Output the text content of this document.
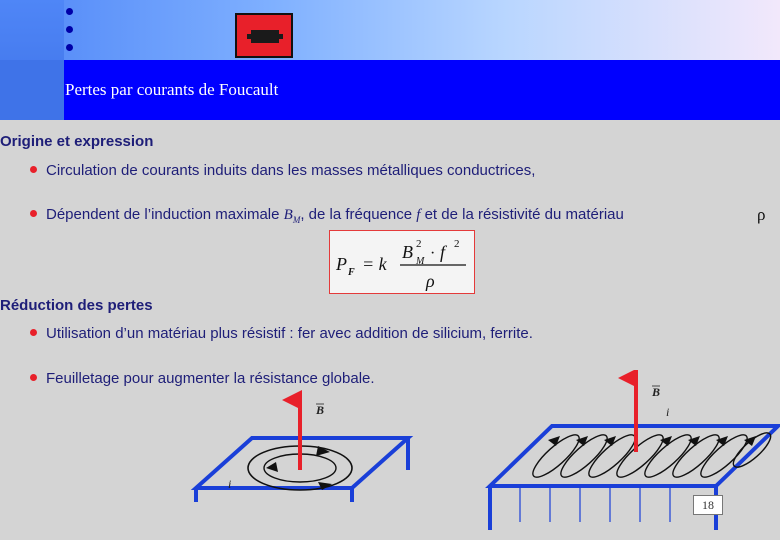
Pertes par courants de Foucault
Origine et expression
Circulation de courants induits dans les masses métalliques conductrices,
Dépendent de l’induction maximale $B_M$, de la fréquence f et de la résistivité du matériau	ρ
P F = k
B 2
M · f 2
ρ
Réduction des pertes
Utilisation d’un matériau plus résistif : fer avec addition de silicium, ferrite.
Feuilletage pour augmenter la résistance globale.
B
i
B
i
18
